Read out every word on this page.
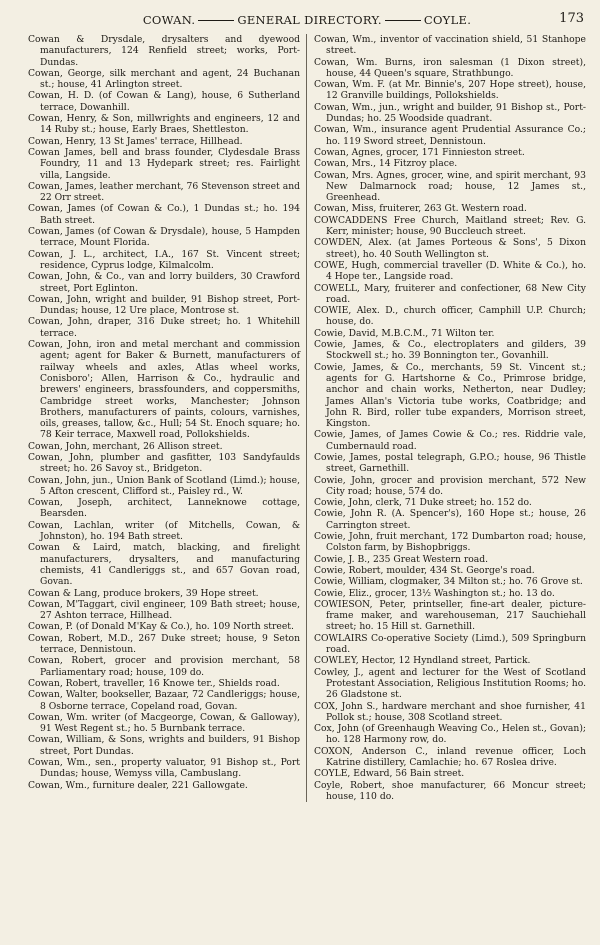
COWAN.	GENERAL DIRECTORY.	COYLE.	173

Cowan & Drysdale, drysalters and dyewood manufacturers, 124 Renfield street; works, Port-Dundas.

Cowan, George, silk merchant and agent, 24 Buchanan st.; house, 41 Arlington street.

Cowan, H. D. (of Cowan & Lang), house, 6 Sutherland terrace, Dowanhill.

Cowan, Henry, & Son, millwrights and engineers, 12 and 14 Ruby st.; house, Early Braes, Shettleston.

Cowan, Henry, 13 St James' terrace, Hillhead.

Cowan James, bell and brass founder, Clydesdale Brass Foundry, 11 and 13 Hydepark street; res. Fairlight villa, Langside.

Cowan, James, leather merchant, 76 Stevenson street and 22 Orr street.

Cowan, James (of Cowan & Co.), 1 Dundas st.; ho. 194 Bath street.

Cowan, James (of Cowan & Drysdale), house, 5 Hampden terrace, Mount Florida.

Cowan, J. L., architect, I.A., 167 St. Vincent street; residence, Cyprus lodge, Kilmalcolm.

Cowan, John, & Co., van and lorry builders, 30 Crawford street, Port Eglinton.

Cowan, John, wright and builder, 91 Bishop street, Port-Dundas; house, 12 Ure place, Montrose st.

Cowan, John, draper, 316 Duke street; ho. 1 Whitehill terrace.

Cowan, John, iron and metal merchant and commission agent; agent for Baker & Burnett, manufacturers of railway wheels and axles, Atlas wheel works, Conisboro'; Allen, Harrison & Co., hydraulic and brewers' engineers, brassfounders, and coppersmiths, Cambridge street works, Manchester; Johnson Brothers, manufacturers of paints, colours, varnishes, oils, greases, tallow, &c., Hull; 54 St. Enoch square; ho. 78 Keir terrace, Maxwell road, Pollokshields.

Cowan, John, merchant, 26 Allison street.

Cowan, John, plumber and gasfitter, 103 Sandyfaulds street; ho. 26 Savoy st., Bridgeton.

Cowan, John, jun., Union Bank of Scotland (Limd.); house, 5 Afton crescent, Clifford st., Paisley rd., W.

Cowan, Joseph, architect, Lanneknowe cottage, Bearsden.

Cowan, Lachlan, writer (of Mitchells, Cowan, & Johnston), ho. 194 Bath street.

Cowan & Laird, match, blacking, and firelight manufacturers, drysalters, and manufacturing chemists, 41 Candleriggs st., and 657 Govan road, Govan.

Cowan & Lang, produce brokers, 39 Hope street.

Cowan, M'Taggart, civil engineer, 109 Bath street; house, 27 Ashton terrace, Hillhead.

Cowan, P. (of Donald M'Kay & Co.), ho. 109 North street.

Cowan, Robert, M.D., 267 Duke street; house, 9 Seton terrace, Dennistoun.

Cowan, Robert, grocer and provision merchant, 58 Parliamentary road; house, 109 do.

Cowan, Robert, traveller, 16 Knowe ter., Shields road.

Cowan, Walter, bookseller, Bazaar, 72 Candleriggs; house, 8 Osborne terrace, Copeland road, Govan.

Cowan, Wm. writer (of Macgeorge, Cowan, & Galloway), 91 West Regent st.; ho. 5 Burnbank terrace.

Cowan, William, & Sons, wrights and builders, 91 Bishop street, Port Dundas.

Cowan, Wm., sen., property valuator, 91 Bishop st., Port Dundas; house, Wemyss villa, Cambuslang.

Cowan, Wm., furniture dealer, 221 Gallowgate.

Cowan, Wm., inventor of vaccination shield, 51 Stanhope street.

Cowan, Wm. Burns, iron salesman (1 Dixon street), house, 44 Queen's square, Strathbungo.

Cowan, Wm. F. (at Mr. Binnie's, 207 Hope street), house, 12 Granville buildings, Pollokshields.

Cowan, Wm., jun., wright and builder, 91 Bishop st., Port-Dundas; ho. 25 Woodside quadrant.

Cowan, Wm., insurance agent Prudential Assurance Co.; ho. 119 Sword street, Dennistoun.

Cowan, Agnes, grocer, 171 Finnieston street.

Cowan, Mrs., 14 Fitzroy place.

Cowan, Mrs. Agnes, grocer, wine, and spirit merchant, 93 New Dalmarnock road; house, 12 James st., Greenhead.

Cowan, Miss, fruiterer, 263 Gt. Western road.

COWCADDENS Free Church, Maitland street; Rev. G. Kerr, minister; house, 90 Buccleuch street.

COWDEN, Alex. (at James Porteous & Sons', 5 Dixon street), ho. 40 South Wellington st.

COWE, Hugh, commercial traveller (D. White & Co.), ho. 4 Hope ter., Langside road.

COWELL, Mary, fruiterer and confectioner, 68 New City road.

COWIE, Alex. D., church officer, Camphill U.P. Church; house, do.

Cowie, David, M.B.C.M., 71 Wilton ter.

Cowie, James, & Co., electroplaters and gilders, 39 Stockwell st.; ho. 39 Bonnington ter., Govanhill.

Cowie, James, & Co., merchants, 59 St. Vincent st.; agents for G. Hartshorne & Co., Primrose bridge, anchor and chain works, Netherton, near Dudley; James Allan's Victoria tube works, Coatbridge; and John R. Bird, roller tube expanders, Morrison street, Kingston.

Cowie, James, of James Cowie & Co.; res. Riddrie vale, Cumbernauld road.

Cowie, James, postal telegraph, G.P.O.; house, 96 Thistle street, Garnethill.

Cowie, John, grocer and provision merchant, 572 New City road; house, 574 do.

Cowie, John, clerk, 71 Duke street; ho. 152 do.

Cowie, John R. (A. Spencer's), 160 Hope st.; house, 26 Carrington street.

Cowie, John, fruit merchant, 172 Dumbarton road; house, Colston farm, by Bishopbriggs.

Cowie, J. B., 235 Great Western road.

Cowie, Robert, moulder, 434 St. George's road.

Cowie, William, clogmaker, 34 Milton st.; ho. 76 Grove st.

Cowie, Eliz., grocer, 13½ Washington st.; ho. 13 do.

COWIESON, Peter, printseller, fine-art dealer, picture-frame maker, and warehouseman, 217 Sauchiehall street; ho. 15 Hill st. Garnethill.

COWLAIRS Co-operative Society (Limd.), 509 Springburn road.

COWLEY, Hector, 12 Hyndland street, Partick.

Cowley, J., agent and lecturer for the West of Scotland Protestant Association, Religious Institution Rooms; ho. 26 Gladstone st.

COX, John S., hardware merchant and shoe furnisher, 41 Pollok st.; house, 308 Scotland street.

Cox, John (of Greenhaugh Weaving Co., Helen st., Govan); ho. 128 Harmony row, do.

COXON, Anderson C., inland revenue officer, Loch Katrine distillery, Camlachie; ho. 67 Roslea drive.

COYLE, Edward, 56 Bain street.

Coyle, Robert, shoe manufacturer, 66 Moncur street; house, 110 do.
